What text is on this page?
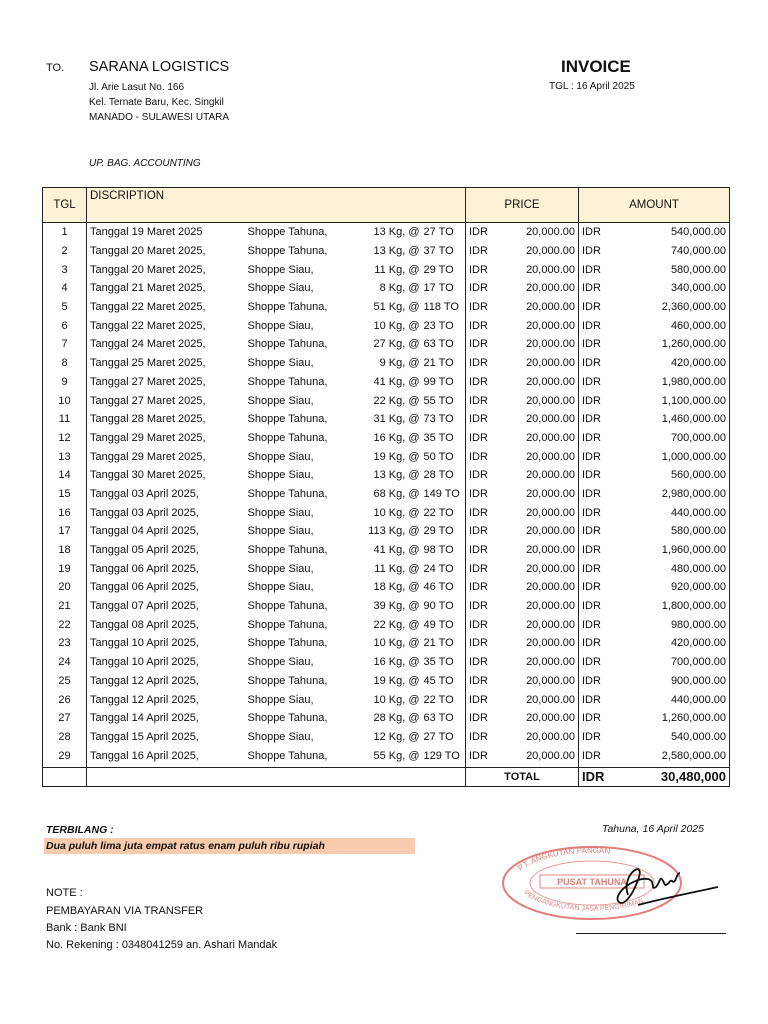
TO. SARANA LOGISTICS
Jl. Arie Lasut No. 166
Kel. Ternate Baru, Kec. Singkil
MANADO - SULAWESI UTARA
INVOICE
TGL : 16 April 2025
UP. BAG. ACCOUNTING
TGL	DISCRIPTION				PRICE		AMOUNT	
1	Tanggal 19 Maret 2025	Shoppe Tahuna,	13 Kg, @	27 TO	IDR	20,000.00	IDR	540,000.00
2	Tanggal 20 Maret 2025,	Shoppe Tahuna,	13 Kg, @	37 TO	IDR	20,000.00	IDR	740,000.00
3	Tanggal 20 Maret 2025,	Shoppe Siau,	11 Kg, @	29 TO	IDR	20,000.00	IDR	580,000.00
4	Tanggal 21 Maret 2025,	Shoppe Siau,	8 Kg, @	17 TO	IDR	20,000.00	IDR	340,000.00
5	Tanggal 22 Maret 2025,	Shoppe Tahuna,	51 Kg, @	118 TO	IDR	20,000.00	IDR	2,360,000.00
6	Tanggal 22 Maret 2025,	Shoppe Siau,	10 Kg, @	23 TO	IDR	20,000.00	IDR	460,000.00
7	Tanggal 24 Maret 2025,	Shoppe Tahuna,	27 Kg, @	63 TO	IDR	20,000.00	IDR	1,260,000.00
8	Tanggal 25 Maret 2025,	Shoppe Siau,	9 Kg, @	21 TO	IDR	20,000.00	IDR	420,000.00
9	Tanggal 27 Maret 2025,	Shoppe Tahuna,	41 Kg, @	99 TO	IDR	20,000.00	IDR	1,980,000.00
10	Tanggal 27 Maret 2025,	Shoppe Siau,	22 Kg, @	55 TO	IDR	20,000.00	IDR	1,100,000.00
11	Tanggal 28 Maret 2025,	Shoppe Tahuna,	31 Kg, @	73 TO	IDR	20,000.00	IDR	1,460,000.00
12	Tanggal 29 Maret 2025,	Shoppe Tahuna,	16 Kg, @	35 TO	IDR	20,000.00	IDR	700,000.00
13	Tanggal 29 Maret 2025,	Shoppe Siau,	19 Kg, @	50 TO	IDR	20,000.00	IDR	1,000,000.00
14	Tanggal 30 Maret 2025,	Shoppe Siau,	13 Kg, @	28 TO	IDR	20,000.00	IDR	560,000.00
15	Tanggal 03 April 2025,	Shoppe Tahuna,	68 Kg, @	149 TO	IDR	20,000.00	IDR	2,980,000.00
16	Tanggal 03 April 2025,	Shoppe Siau,	10 Kg, @	22 TO	IDR	20,000.00	IDR	440,000.00
17	Tanggal 04 April 2025,	Shoppe Siau,	113 Kg, @	29 TO	IDR	20,000.00	IDR	580,000.00
18	Tanggal 05 April 2025,	Shoppe Tahuna,	41 Kg, @	98 TO	IDR	20,000.00	IDR	1,960,000.00
19	Tanggal 06 April 2025,	Shoppe Siau,	11 Kg, @	24 TO	IDR	20,000.00	IDR	480,000.00
20	Tanggal 06 April 2025,	Shoppe Siau,	18 Kg, @	46 TO	IDR	20,000.00	IDR	920,000.00
21	Tanggal 07 April 2025,	Shoppe Tahuna,	39 Kg, @	90 TO	IDR	20,000.00	IDR	1,800,000.00
22	Tanggal 08 April 2025,	Shoppe Tahuna,	22 Kg, @	49 TO	IDR	20,000.00	IDR	980,000.00
23	Tanggal 10 April 2025,	Shoppe Tahuna,	10 Kg, @	21 TO	IDR	20,000.00	IDR	420,000.00
24	Tanggal 10 April 2025,	Shoppe Siau,	16 Kg, @	35 TO	IDR	20,000.00	IDR	700,000.00
25	Tanggal 12 April 2025,	Shoppe Tahuna,	19 Kg, @	45 TO	IDR	20,000.00	IDR	900,000.00
26	Tanggal 12 April 2025,	Shoppe Siau,	10 Kg, @	22 TO	IDR	20,000.00	IDR	440,000.00
27	Tanggal 14 April 2025,	Shoppe Tahuna,	28 Kg, @	63 TO	IDR	20,000.00	IDR	1,260,000.00
28	Tanggal 15 April 2025,	Shoppe Siau,	12 Kg, @	27 TO	IDR	20,000.00	IDR	540,000.00
29	Tanggal 16 April 2025,	Shoppe Tahuna,	55 Kg, @	129 TO	IDR	20,000.00	IDR	2,580,000.00
					TOTAL		IDR	30,480,000
TERBILANG :
Dua puluh lima juta empat ratus enam puluh ribu rupiah
Tahuna, 16 April 2025
NOTE :
PEMBAYARAN VIA TRANSFER
Bank : Bank BNI
No. Rekening : 0348041259 an. Ashari Mandak
PT. ANGKUTAN PANGAN
PENGANGKUTAN JASA PENGIRIMAN
PUSAT TAHUNA
